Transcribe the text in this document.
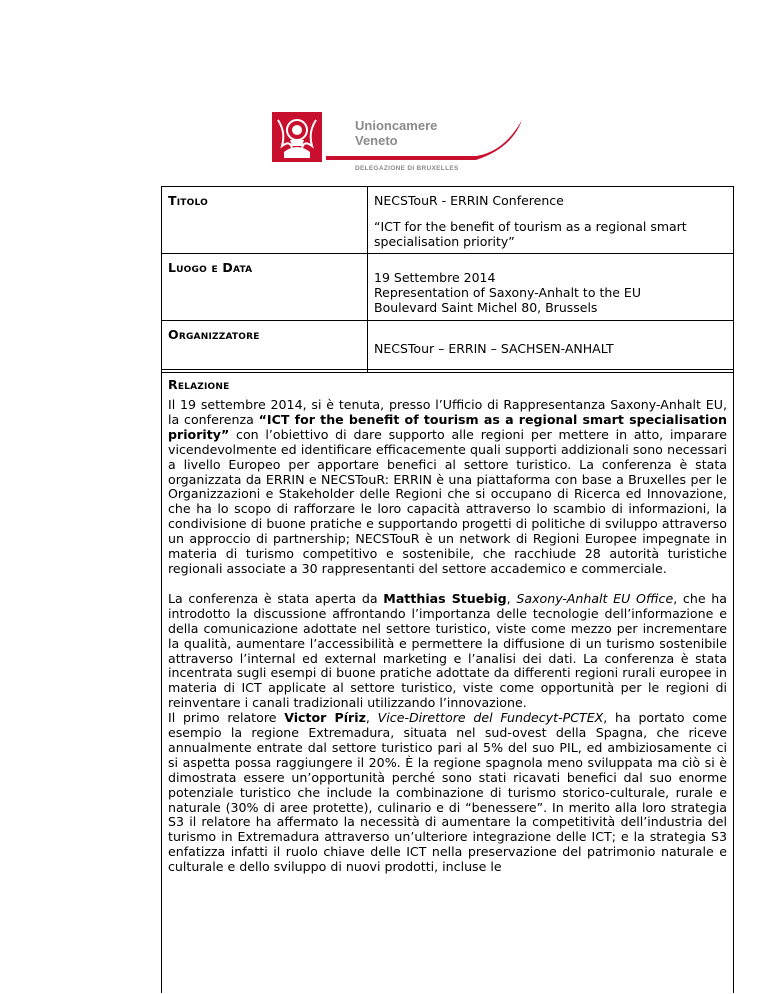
Unioncamere
Veneto
DELEGAZIONE DI BRUXELLES
Titolo	NECSTouR - ERRIN Conference
“ICT for the benefit of tourism as a regional smart specialisation priority”

Luogo e Data	19 Settembre 2014
Representation of Saxony-Anhalt to the EU
Boulevard Saint Michel 80, Brussels

Organizzatore	NECSTour – ERRIN – SACHSEN-ANHALT
Relazione

Il 19 settembre 2014, si è tenuta, presso l’Ufficio di Rappresentanza Saxony-Anhalt EU, la conferenza “ICT for the benefit of tourism as a regional smart specialisation priority” con l’obiettivo di dare supporto alle regioni per mettere in atto, imparare vicendevolmente ed identificare efficacemente quali supporti addizionali sono necessari a livello Europeo per apportare benefici al settore turistico. La conferenza è stata organizzata da ERRIN e NECSTouR: ERRIN è una piattaforma con base a Bruxelles per le Organizzazioni e Stakeholder delle Regioni che si occupano di Ricerca ed Innovazione, che ha lo scopo di rafforzare le loro capacità attraverso lo scambio di informazioni, la condivisione di buone pratiche e supportando progetti di politiche di sviluppo attraverso un approccio di partnership; NECSTouR è un network di Regioni Europee impegnate in materia di turismo competitivo e sostenibile, che racchiude 28 autorità turistiche regionali associate a 30 rappresentanti del settore accademico e commerciale.

La conferenza è stata aperta da Matthias Stuebig, Saxony-Anhalt EU Office, che ha introdotto la discussione affrontando l’importanza delle tecnologie dell’informazione e della comunicazione adottate nel settore turistico, viste come mezzo per incrementare la qualità, aumentare l’accessibilità e permettere la diffusione di un turismo sostenibile attraverso l’internal ed external marketing e l’analisi dei dati. La conferenza è stata incentrata sugli esempi di buone pratiche adottate da differenti regioni rurali europee in materia di ICT applicate al settore turistico, viste come opportunità per le regioni di reinventare i canali tradizionali utilizzando l’innovazione.

Il primo relatore Victor Píriz, Vice-Direttore del Fundecyt-PCTEX, ha portato come esempio la regione Extremadura, situata nel sud-ovest della Spagna, che riceve annualmente entrate dal settore turistico pari al 5% del suo PIL, ed ambiziosamente ci si aspetta possa raggiungere il 20%. È la regione spagnola meno sviluppata ma ciò si è dimostrata essere un’opportunità perché sono stati ricavati benefici dal suo enorme potenziale turistico che include la combinazione di turismo storico-culturale, rurale e naturale (30% di aree protette), culinario e di “benessere”. In merito alla loro strategia S3 il relatore ha affermato la necessità di aumentare la competitività dell’industria del turismo in Extremadura attraverso un’ulteriore integrazione delle ICT; e la strategia S3 enfatizza infatti il ruolo chiave delle ICT nella preservazione del patrimonio naturale e culturale e dello sviluppo di nuovi prodotti, incluse le
